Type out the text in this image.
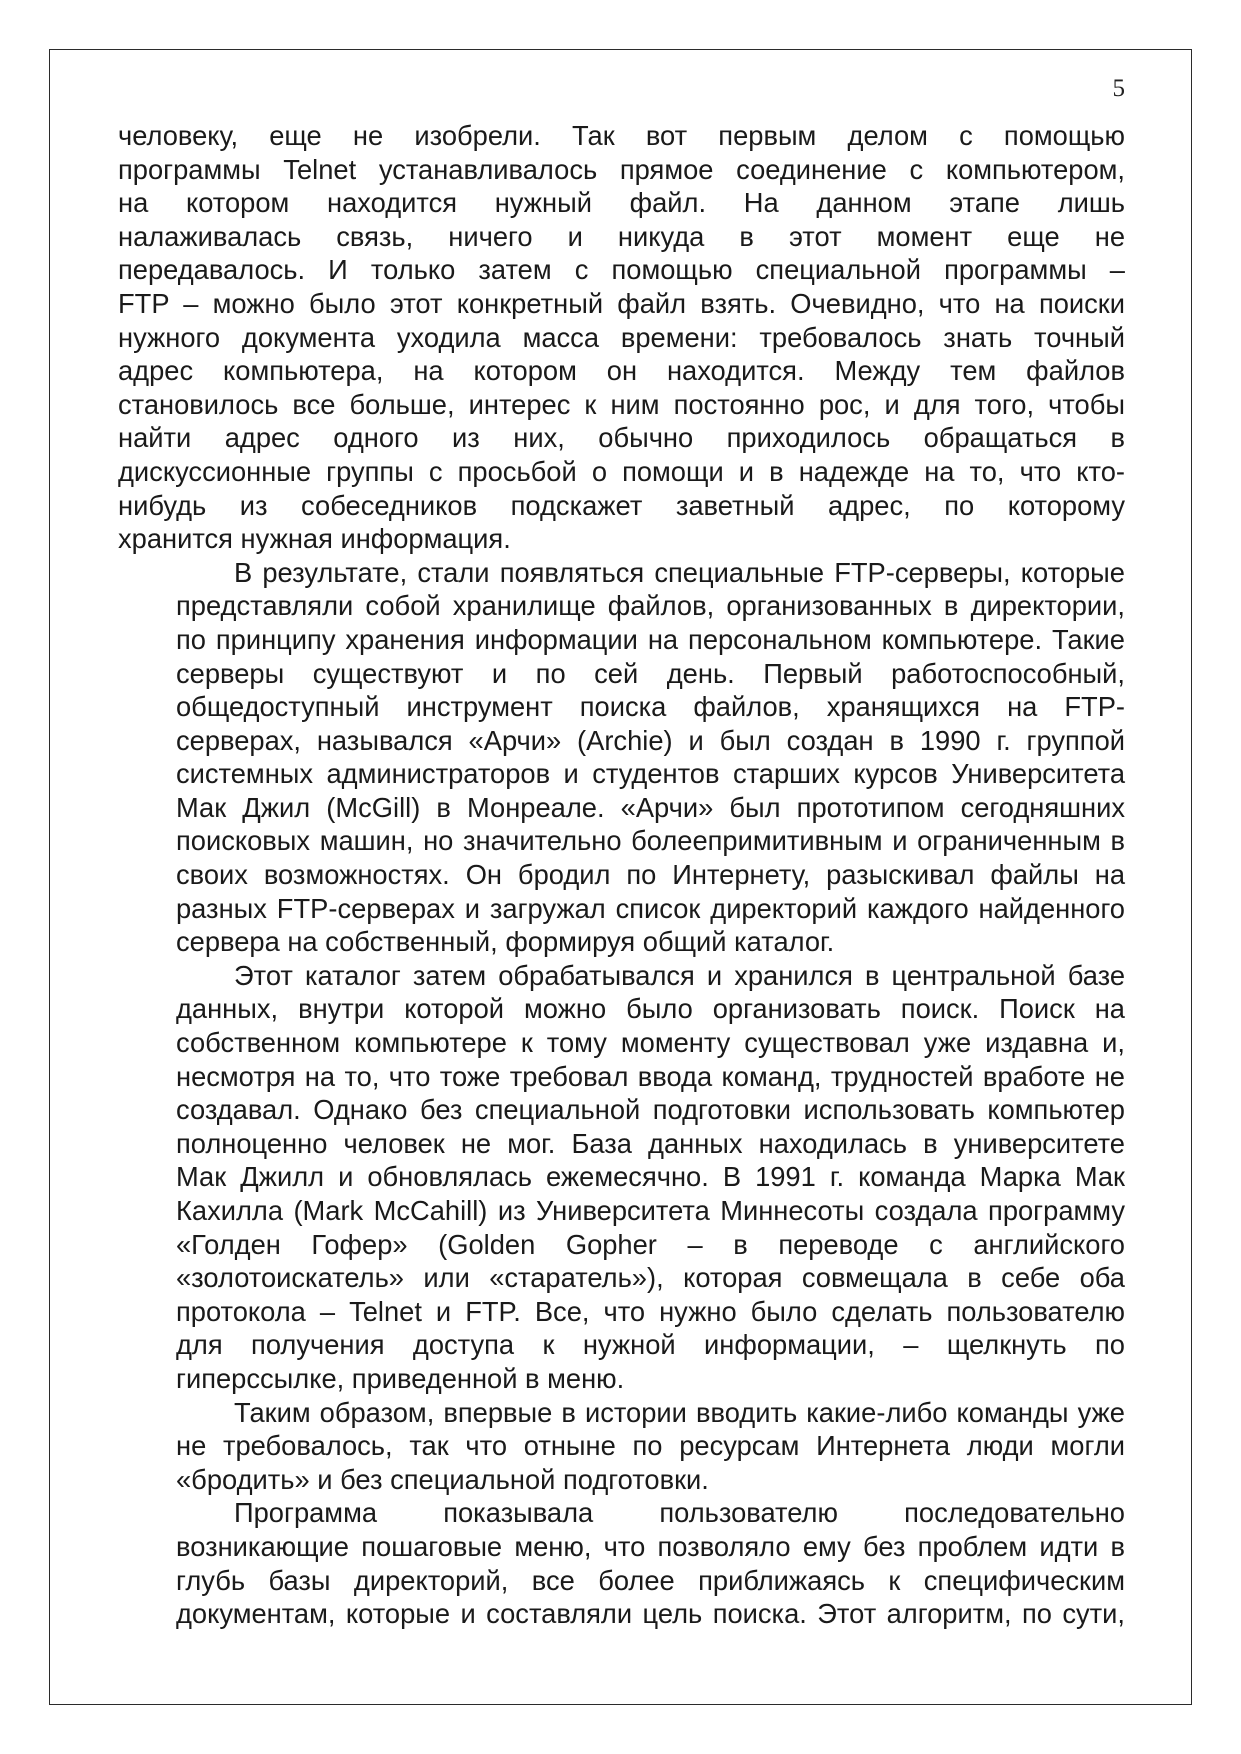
5
человеку, еще не изобрели. Так вот первым делом с помощью
программы Telnet устанавливалось прямое соединение с компьютером,
на котором находится нужный файл. На данном этапе лишь
налаживалась связь, ничего и никуда в этот момент еще не
передавалось. И только затем с помощью специальной программы –
FTP – можно было этот конкретный файл взять. Очевидно, что на поиски
нужного документа уходила масса времени: требовалось знать точный
адрес компьютера, на котором он находится. Между тем файлов
становилось все больше, интерес к ним постоянно рос, и для того, чтобы
найти адрес одного из них, обычно приходилось обращаться в
дискуссионные группы с просьбой о помощи и в надежде на то, что кто-
нибудь из собеседников подскажет заветный адрес, по которому
хранится нужная информация.
В результате, стали появляться специальные FTP-серверы, которые
представляли собой хранилище файлов, организованных в директории,
по принципу хранения информации на персональном компьютере. Такие
серверы существуют и по сей день. Первый работоспособный,
общедоступный инструмент поиска файлов, хранящихся на FTP-
серверах, назывался «Арчи» (Archie) и был создан в 1990 г. группой
системных администраторов и студентов старших курсов Университета
Мак Джил (McGill) в Монреале. «Арчи» был прототипом сегодняшних
поисковых машин, но значительно болеепримитивным и ограниченным в
своих возможностях. Он бродил по Интернету, разыскивал файлы на
разных FTP-серверах и загружал список директорий каждого найденного
сервера на собственный, формируя общий каталог.
Этот каталог затем обрабатывался и хранился в центральной базе
данных, внутри которой можно было организовать поиск. Поиск на
собственном компьютере к тому моменту существовал уже издавна и,
несмотря на то, что тоже требовал ввода команд, трудностей вработе не
создавал. Однако без специальной подготовки использовать компьютер
полноценно человек не мог. База данных находилась в университете
Мак Джилл и обновлялась ежемесячно. В 1991 г. команда Марка Мак
Кахилла (Mark McCahill) из Университета Миннесоты создала программу
«Голден Гофер» (Golden Gopher – в переводе с английского
«золотоискатель» или «старатель»), которая совмещала в себе оба
протокола – Telnet и FTP. Все, что нужно было сделать пользователю
для получения доступа к нужной информации, – щелкнуть по
гиперссылке, приведенной в меню.
Таким образом, впервые в истории вводить какие-либо команды уже
не требовалось, так что отныне по ресурсам Интернета люди могли
«бродить» и без специальной подготовки.
Программа показывала пользователю последовательно
возникающие пошаговые меню, что позволяло ему без проблем идти в
глубь базы директорий, все более приближаясь к специфическим
документам, которые и составляли цель поиска. Этот алгоритм, по сути,
